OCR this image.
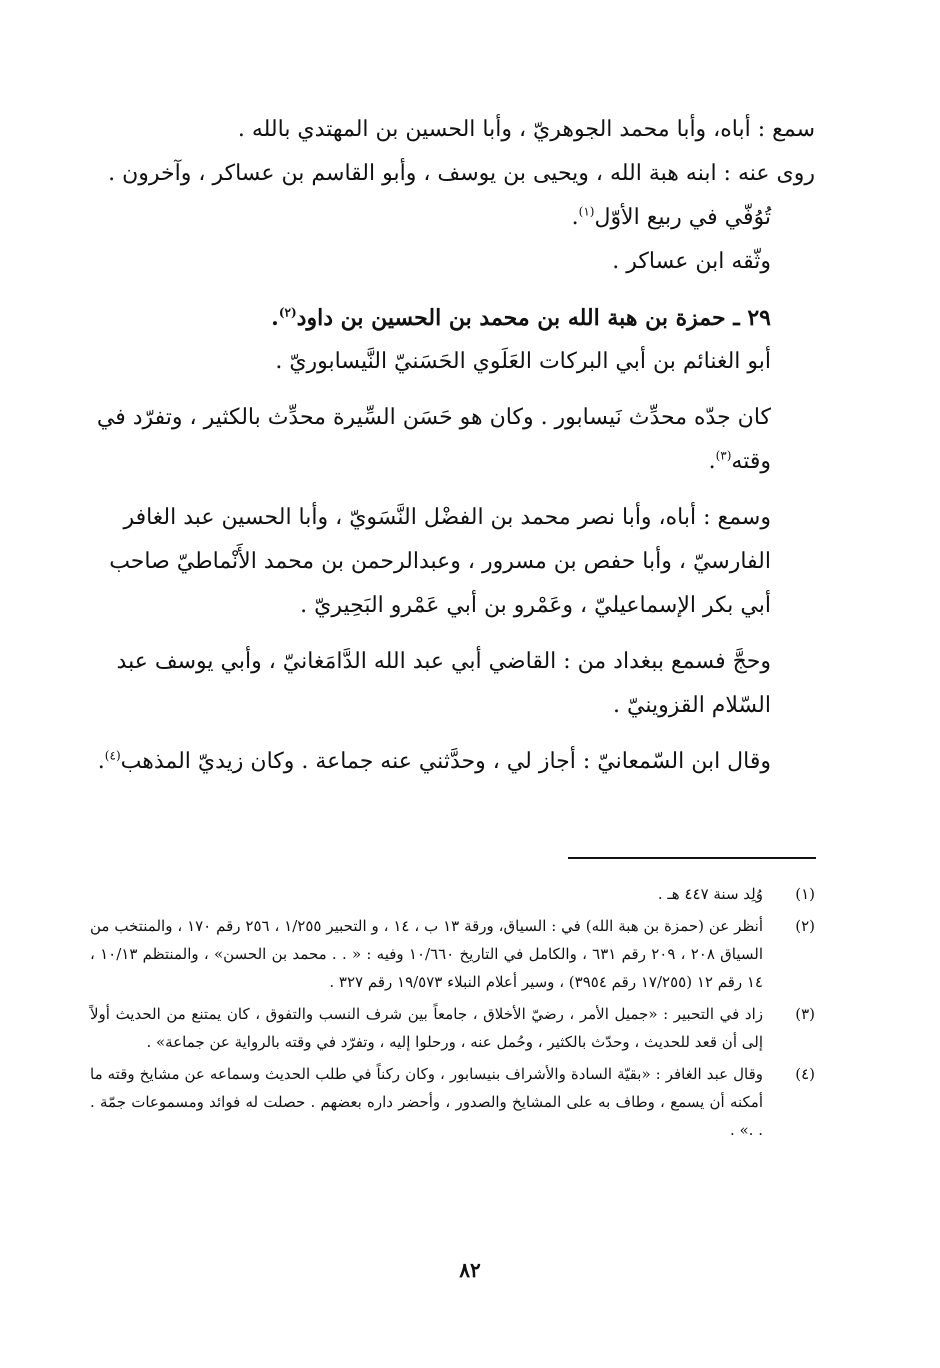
سمع : أباه، وأبا محمد الجوهريّ ، وأبا الحسين بن المهتدي بالله .

روى عنه : ابنه هبة الله ، ويحيى بن يوسف ، وأبو القاسم بن عساكر ، وآخرون .

تُوُفّي في ربيع الأوّل$^{(١)}$.

وثّقه ابن عساكر .

٢٩ ـ حمزة بن هبة الله بن محمد بن الحسين بن داود$^{(٢)}$.

أبو الغنائم بن أبي البركات العَلَوي الحَسَنيّ النَّيسابوريّ .

كان جدّه محدِّث نَيسابور . وكان هو حَسَن السِّيرة محدِّث بالكثير ، وتفرّد في وقته$^{(٣)}$.

وسمع : أباه، وأبا نصر محمد بن الفضْل النَّسَويّ ، وأبا الحسين عبد الغافر الفارسيّ ، وأبا حفص بن مسرور ، وعبدالرحمن بن محمد الأَنْماطيّ صاحب أبي بكر الإسماعيليّ ، وعَمْرو بن أبي عَمْرو البَحِيريّ .

وحجَّ فسمع ببغداد من : القاضي أبي عبد الله الدَّامَغانيّ ، وأبي يوسف عبد السّلام القزوينيّ .

وقال ابن السّمعانيّ : أجاز لي ، وحدَّثني عنه جماعة . وكان زيديّ المذهب$^{(٤)}$.

(١)
وُلِد سنة ٤٤٧ هـ .
(٢)
أنظر عن (حمزة بن هبة الله) في : السياق، ورقة ١٣ ب ، ١٤ ، و التحبير ١/٢٥٥ ، ٢٥٦ رقم ١٧٠ ، والمنتخب من السياق ٢٠٨ ، ٢٠٩ رقم ٦٣١ ، والكامل في التاريخ ١٠/٦٦٠ وفيه : « . . محمد بن الحسن» ، والمنتظم ١٠/١٣ ، ١٤ رقم ١٢ (١٧/٢٥٥ رقم ٣٩٥٤) ، وسير أعلام النبلاء ١٩/٥٧٣ رقم ٣٢٧ .
(٣)
زاد في التحبير : «جميل الأمر ، رضيّ الأخلاق ، جامعاً بين شرف النسب والتفوق ، كان يمتنع من الحديث أولاً إلى أن قعد للحديث ، وحدّث بالكثير ، وحُمل عنه ، ورحلوا إليه ، وتفرّد في وقته بالرواية عن جماعة» .
(٤)
وقال عبد الغافر : «بقيّة السادة والأشراف بنيسابور ، وكان ركناً في طلب الحديث وسماعه عن مشايخ وقته ما أمكنه أن يسمع ، وطاف به على المشايخ والصدور ، وأحضر داره بعضهم . حصلت له فوائد ومسموعات جمّة . . .» .
٨٢
